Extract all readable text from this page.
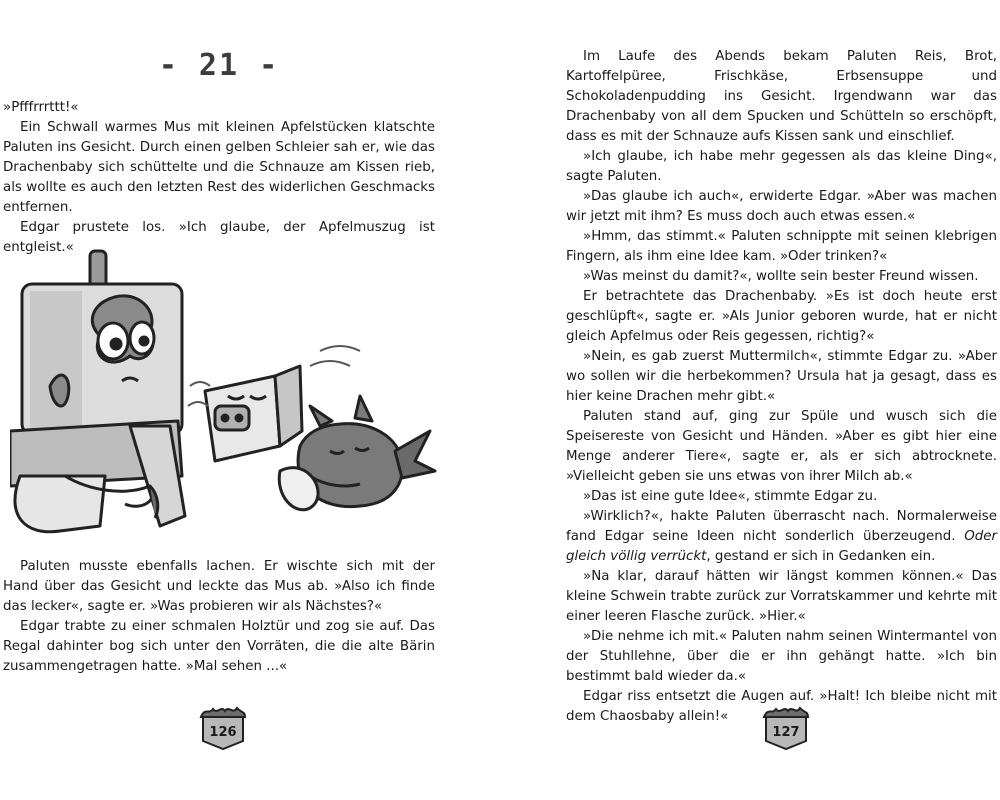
- 21 -

»Pfffrrrttt!«

Ein Schwall warmes Mus mit kleinen Apfelstücken klatschte Paluten ins Gesicht. Durch einen gelben Schleier sah er, wie das Drachenbaby sich schüttelte und die Schnauze am Kissen rieb, als wollte es auch den letzten Rest des widerlichen Geschmacks entfernen.

Edgar prustete los. »Ich glaube, der Apfelmuszug ist entgleist.«

Paluten musste ebenfalls lachen. Er wischte sich mit der Hand über das Gesicht und leckte das Mus ab. »Also ich finde das lecker«, sagte er. »Was probieren wir als Nächstes?«

Edgar trabte zu einer schmalen Holztür und zog sie auf. Das Regal dahinter bog sich unter den Vorräten, die die alte Bärin zusammengetragen hatte. »Mal sehen ...«

126

Im Laufe des Abends bekam Paluten Reis, Brot, Kartoffelpüree, Frischkäse, Erbsensuppe und Schokoladenpudding ins Gesicht. Irgendwann war das Drachenbaby von all dem Spucken und Schütteln so erschöpft, dass es mit der Schnauze aufs Kissen sank und einschlief.

»Ich glaube, ich habe mehr gegessen als das kleine Ding«, sagte Paluten.

»Das glaube ich auch«, erwiderte Edgar. »Aber was machen wir jetzt mit ihm? Es muss doch auch etwas essen.«

»Hmm, das stimmt.« Paluten schnippte mit seinen klebrigen Fingern, als ihm eine Idee kam. »Oder trinken?«

»Was meinst du damit?«, wollte sein bester Freund wissen.

Er betrachtete das Drachenbaby. »Es ist doch heute erst geschlüpft«, sagte er. »Als Junior geboren wurde, hat er nicht gleich Apfelmus oder Reis gegessen, richtig?«

»Nein, es gab zuerst Muttermilch«, stimmte Edgar zu. »Aber wo sollen wir die herbekommen? Ursula hat ja gesagt, dass es hier keine Drachen mehr gibt.«

Paluten stand auf, ging zur Spüle und wusch sich die Speisereste von Gesicht und Händen. »Aber es gibt hier eine Menge anderer Tiere«, sagte er, als er sich abtrocknete. »Vielleicht geben sie uns etwas von ihrer Milch ab.«

»Das ist eine gute Idee«, stimmte Edgar zu.

»Wirklich?«, hakte Paluten überrascht nach. Normalerweise fand Edgar seine Ideen nicht sonderlich überzeugend. Oder gleich völlig verrückt, gestand er sich in Gedanken ein.

»Na klar, darauf hätten wir längst kommen können.« Das kleine Schwein trabte zurück zur Vorratskammer und kehrte mit einer leeren Flasche zurück. »Hier.«

»Die nehme ich mit.« Paluten nahm seinen Wintermantel von der Stuhllehne, über die er ihn gehängt hatte. »Ich bin bestimmt bald wieder da.«

Edgar riss entsetzt die Augen auf. »Halt! Ich bleibe nicht mit dem Chaosbaby allein!«

127
